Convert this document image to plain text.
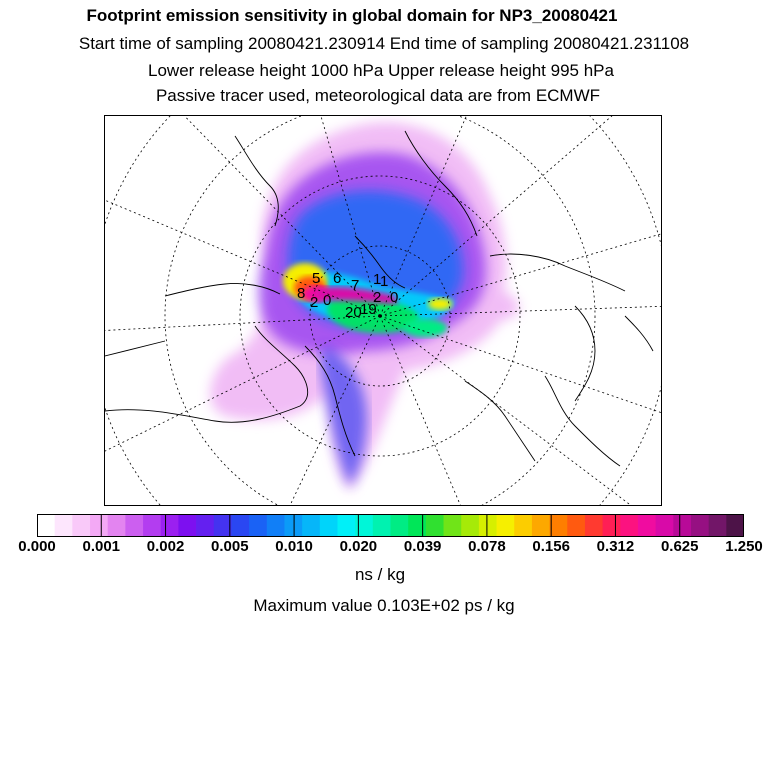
Footprint emission sensitivity in global domain for NP3_20080421
Start time of sampling 20080421.230914 End time of sampling 20080421.231108
Lower release height 1000 hPa Upper release height 995 hPa
Passive tracer used, meteorological data are from ECMWF
5 6 7 1
1
2 0
20
19
8
2 0
0.000 0.001 0.002 0.005 0.010 0.020 0.039 0.078 0.156 0.312 0.625 1.250
ns / kg
Maximum value 0.103E+02 ps / kg
